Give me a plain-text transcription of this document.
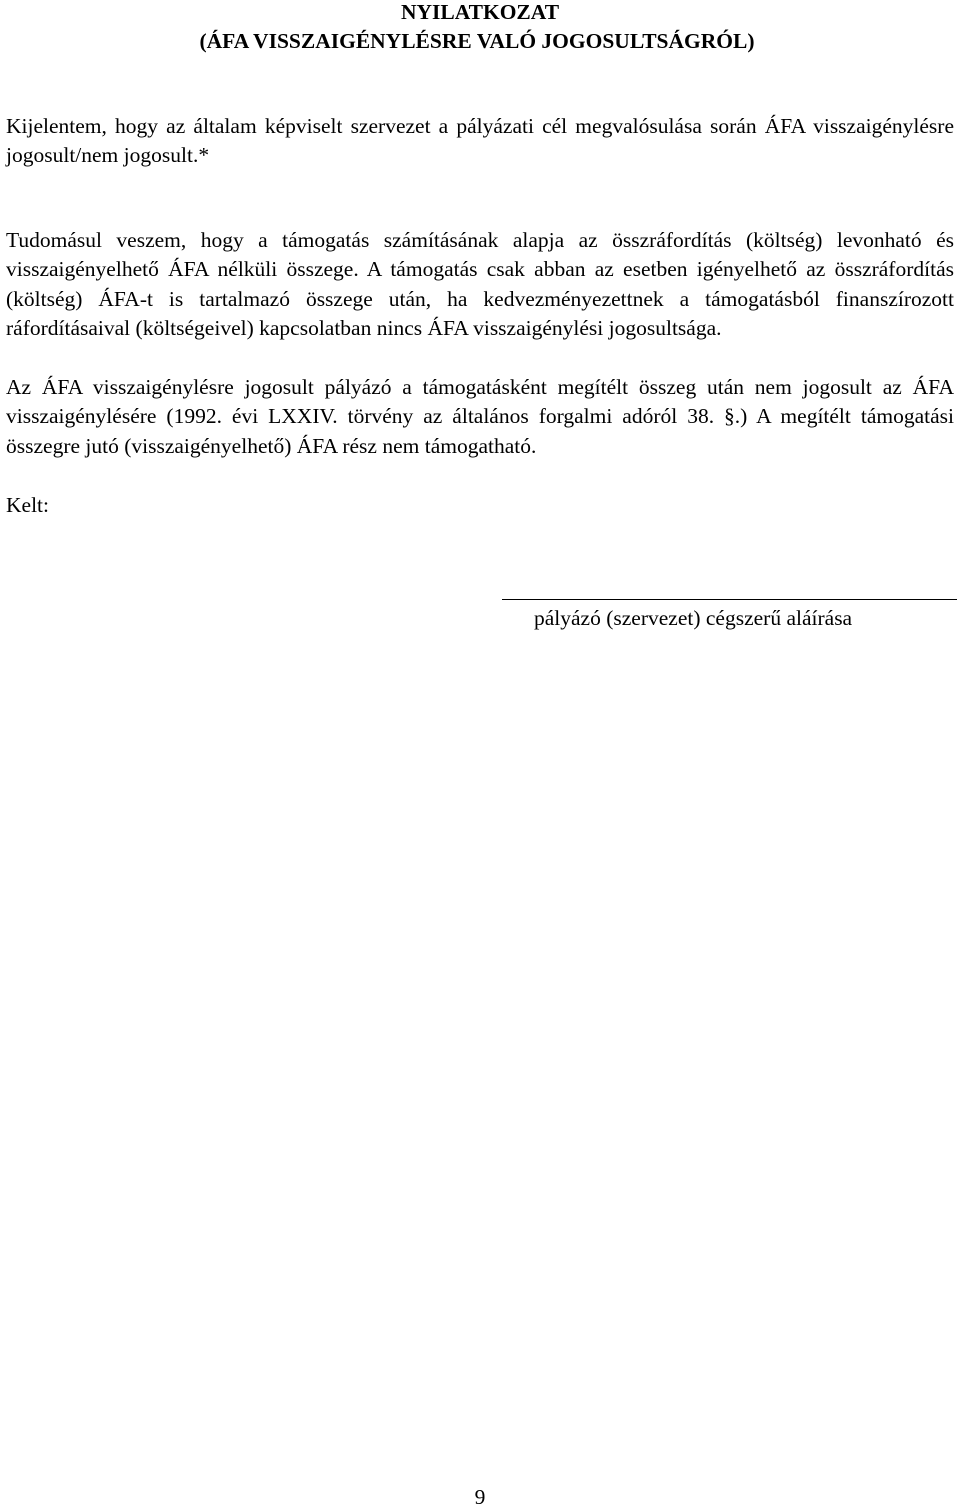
NYILATKOZAT
(ÁFA VISSZAIGÉNYLÉSRE VALÓ JOGOSULTSÁGRÓL)

Kijelentem, hogy az általam képviselt szervezet a pályázati cél megvalósulása során ÁFA visszaigénylésre jogosult/nem jogosult.*

Tudomásul veszem, hogy a támogatás számításának alapja az összráfordítás (költség) levonható és visszaigényelhető ÁFA nélküli összege. A támogatás csak abban az esetben igényelhető az összráfordítás (költség) ÁFA-t is tartalmazó összege után, ha kedvezményezettnek a támogatásból finanszírozott ráfordításaival (költségeivel) kapcsolatban nincs ÁFA visszaigénylési jogosultsága.

Az ÁFA visszaigénylésre jogosult pályázó a támogatásként megítélt összeg után nem jogosult az ÁFA visszaigénylésére (1992. évi LXXIV. törvény az általános forgalmi adóról 38. §.) A megítélt támogatási összegre jutó (visszaigényelhető) ÁFA rész nem támogatható.

Kelt:
pályázó (szervezet) cégszerű aláírása
9
